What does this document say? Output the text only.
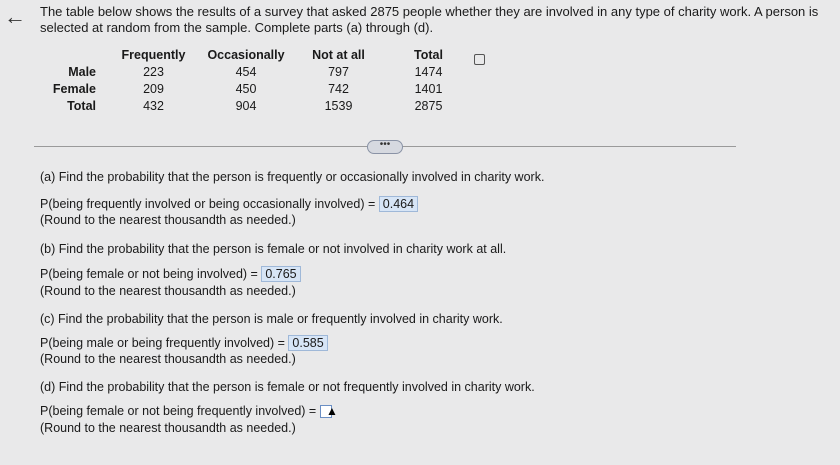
← The table below shows the results of a survey that asked 2875 people whether they are involved in any type of charity work. A person is selected at random from the sample. Complete parts (a) through (d).
	Frequently	Occasionally	Not at all	Total
Male	223	454	797	1474
Female	209	450	742	1401
Total	432	904	1539	2875
•••
(a) Find the probability that the person is frequently or occasionally involved in charity work.
P(being frequently involved or being occasionally involved) = 0.464
(Round to the nearest thousandth as needed.)
(b) Find the probability that the person is female or not involved in charity work at all.
P(being female or not being involved) = 0.765
(Round to the nearest thousandth as needed.)
(c) Find the probability that the person is male or frequently involved in charity work.
P(being male or being frequently involved) = 0.585
(Round to the nearest thousandth as needed.)
(d) Find the probability that the person is female or not frequently involved in charity work.
P(being female or not being frequently involved) = ▲
(Round to the nearest thousandth as needed.)
